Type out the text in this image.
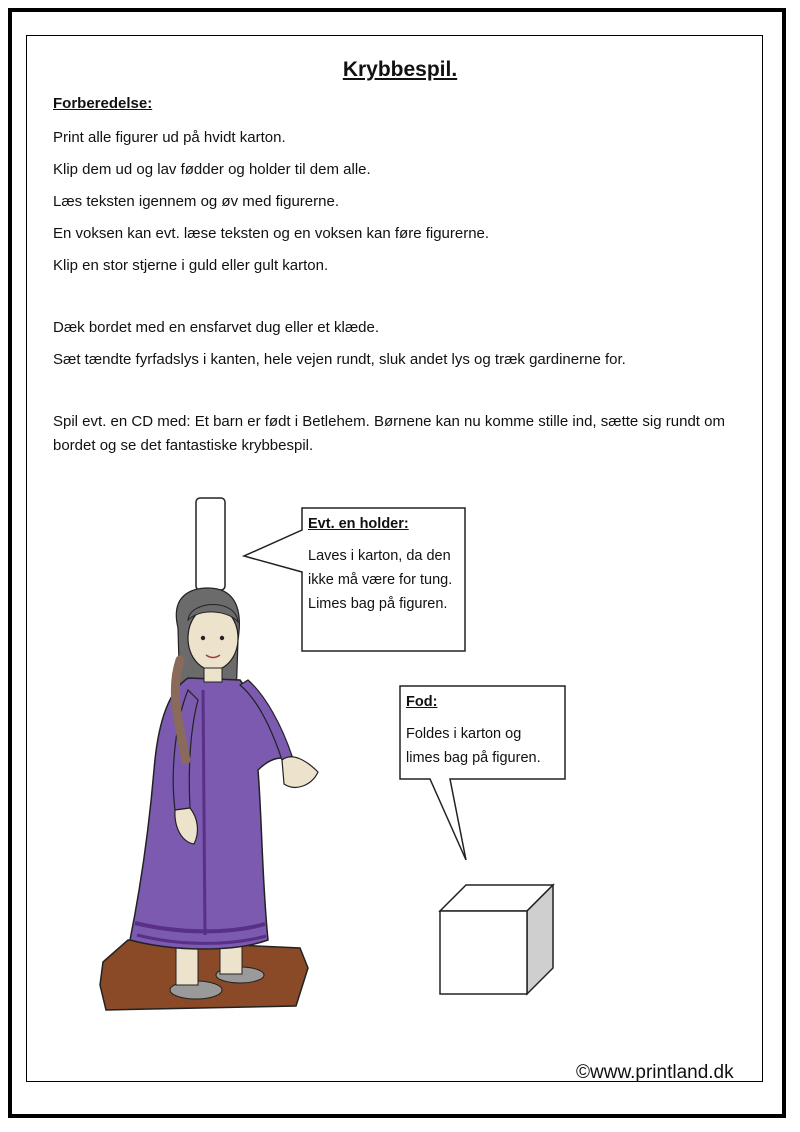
Krybbespil.
Forberedelse:
Print alle figurer ud på hvidt karton.
Klip dem ud og lav fødder og holder til dem alle.
Læs teksten igennem og øv med figurerne.
En voksen kan evt. læse teksten og en voksen kan føre figurerne.
Klip en stor stjerne i guld eller gult karton.
Dæk bordet med en ensfarvet dug eller et klæde.
Sæt tændte fyrfadslys i kanten, hele vejen rundt, sluk andet lys og træk gardinerne for.
Spil evt. en CD med: Et barn er født i Betlehem. Børnene kan nu komme stille ind, sætte sig rundt om bordet og se det fantastiske krybbespil.
Evt. en holder:
Laves i karton, da den
ikke må være for tung.
Limes bag på figuren.
Fod:
Foldes i karton og
limes bag på figuren.
©www.printland.dk
